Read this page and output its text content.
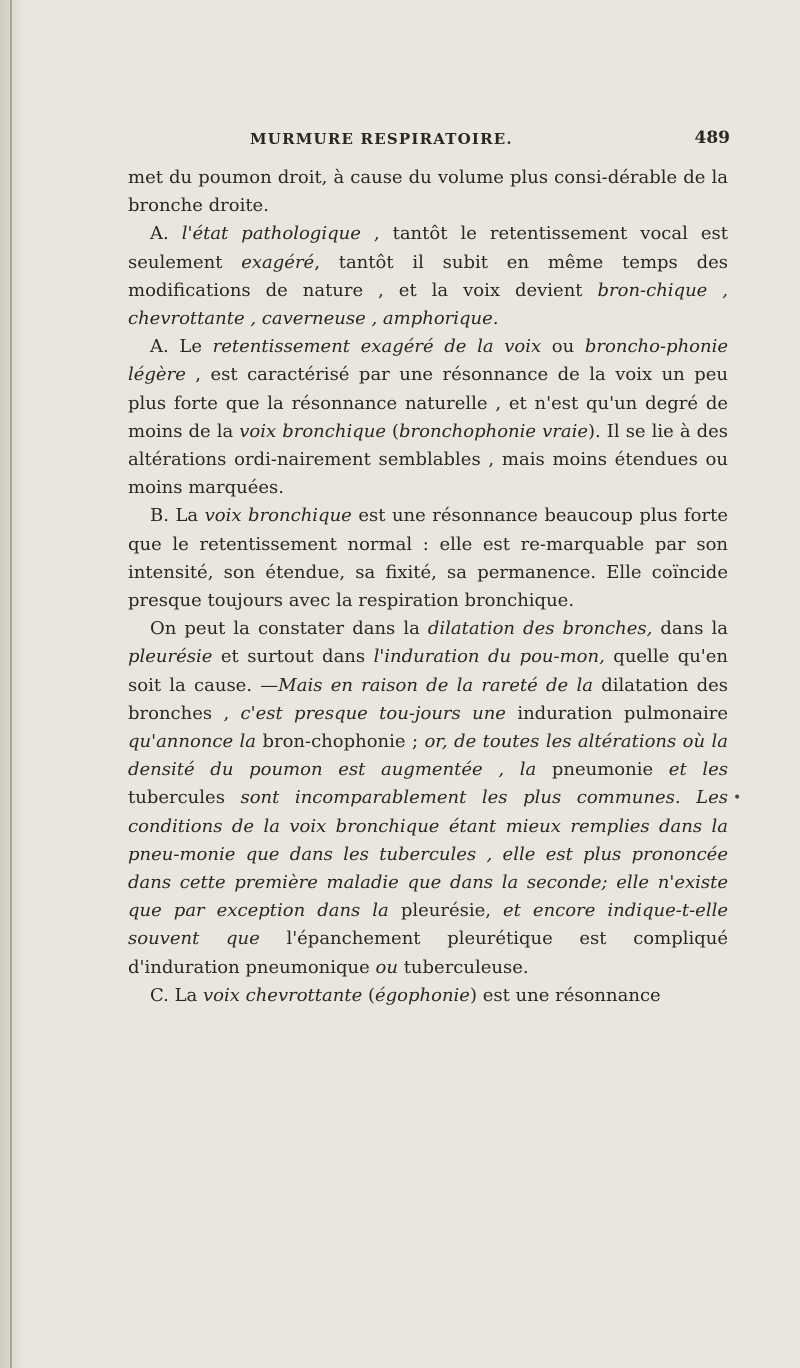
MURMURE RESPIRATOIRE.	489

met du poumon droit, à cause du volume plus consi-dérable de la bronche droite.

A. l'état pathologique , tantôt le retentissement vocal est seulement exagéré, tantôt il subit en même temps des modifications de nature , et la voix devient bron-chique , chevrottante , caverneuse , amphorique.

A. Le retentissement exagéré de la voix ou broncho-phonie légère , est caractérisé par une résonnance de la voix un peu plus forte que la résonnance naturelle , et n'est qu'un degré de moins de la voix bronchique (bronchophonie vraie). Il se lie à des altérations ordi-nairement semblables , mais moins étendues ou moins marquées.

B. La voix bronchique est une résonnance beaucoup plus forte que le retentissement normal : elle est re-marquable par son intensité, son étendue, sa fixité, sa permanence. Elle coïncide presque toujours avec la respiration bronchique.

On peut la constater dans la dilatation des bronches, dans la pleurésie et surtout dans l'induration du pou-mon, quelle qu'en soit la cause. —Mais en raison de la rareté de la dilatation des bronches , c'est presque tou-jours une induration pulmonaire qu'annonce la bron-chophonie ; or, de toutes les altérations où la densité du poumon est augmentée , la pneumonie et les tubercules sont incomparablement les plus communes. Les conditions de la voix bronchique étant mieux remplies dans la pneu-monie que dans les tubercules , elle est plus prononcée dans cette première maladie que dans la seconde; elle n'existe que par exception dans la pleurésie, et encore indique-t-elle souvent que l'épanchement pleurétique est compliqué d'induration pneumonique ou tuberculeuse.

C. La voix chevrottante (égophonie) est une résonnance

•
